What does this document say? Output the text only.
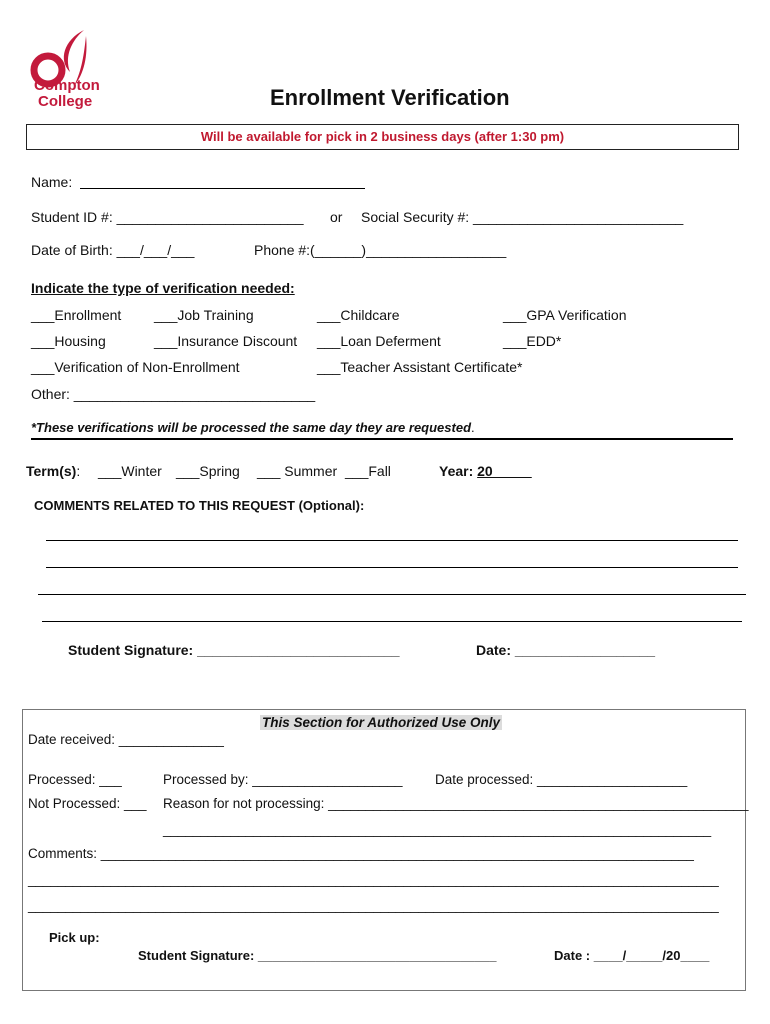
Compton
College	Enrollment Verification
Will be available for pick in 2 business days (after 1:30 pm)
Name:
Student ID #: ________________________ or Social Security #: ___________________________
Date of Birth: ___/___/___	Phone #:(______)__________________
Indicate the type of verification needed:
___Enrollment ___Job Training	___Childcare	___GPA Verification
___Housing	___Insurance Discount ___Loan Deferment	___EDD*
___Verification of Non-Enrollment	___Teacher Assistant Certificate*
Other: _______________________________
*These verifications will be processed the same day they are requested.
Term(s): ___Winter ___Spring ___ Summer ___Fall	Year: 20_____
COMMENTS RELATED TO THIS REQUEST (Optional):
Student Signature: __________________________	Date: __________________
This Section for Authorized Use Only
Date received: ______________
Processed: ___	Processed by: ____________________ Date processed: ____________________
Not Processed: ___ Reason for not processing: ________________________________________________________
_________________________________________________________________________
Comments: _______________________________________________________________________________
____________________________________________________________________________________________
____________________________________________________________________________________________
Pick up:
Student Signature: _________________________________	Date : ____/_____/20____
